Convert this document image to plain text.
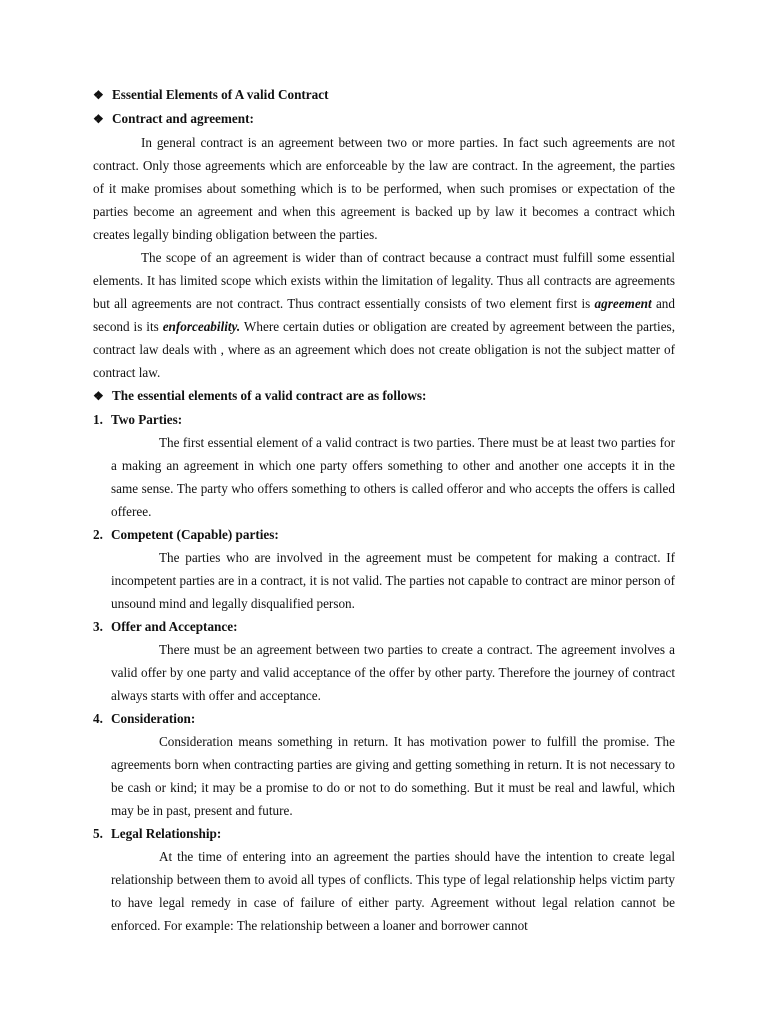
❖ Essential Elements of A valid Contract
❖ Contract and agreement:

In general contract is an agreement between two or more parties. In fact such agreements are not contract. Only those agreements which are enforceable by the law are contract. In the agreement, the parties of it make promises about something which is to be performed, when such promises or expectation of the parties become an agreement and when this agreement is backed up by law it becomes a contract which creates legally binding obligation between the parties.

The scope of an agreement is wider than of contract because a contract must fulfill some essential elements. It has limited scope which exists within the limitation of legality. Thus all contracts are agreements but all agreements are not contract. Thus contract essentially consists of two element first is agreement and second is its enforceability. Where certain duties or obligation are created by agreement between the parties, contract law deals with , where as an agreement which does not create obligation is not the subject matter of contract law.

❖ The essential elements of a valid contract are as follows:
1. Two Parties:

The first essential element of a valid contract is two parties. There must be at least two parties for a making an agreement in which one party offers something to other and another one accepts it in the same sense. The party who offers something to others is called offeror and who accepts the offers is called offeree.

2. Competent (Capable) parties:

The parties who are involved in the agreement must be competent for making a contract. If incompetent parties are in a contract, it is not valid. The parties not capable to contract are minor person of unsound mind and legally disqualified person.

3. Offer and Acceptance:

There must be an agreement between two parties to create a contract. The agreement involves a valid offer by one party and valid acceptance of the offer by other party. Therefore the journey of contract always starts with offer and acceptance.

4. Consideration:

Consideration means something in return. It has motivation power to fulfill the promise. The agreements born when contracting parties are giving and getting something in return. It is not necessary to be cash or kind; it may be a promise to do or not to do something. But it must be real and lawful, which may be in past, present and future.

5. Legal Relationship:

At the time of entering into an agreement the parties should have the intention to create legal relationship between them to avoid all types of conflicts. This type of legal relationship helps victim party to have legal remedy in case of failure of either party. Agreement without legal relation cannot be enforced. For example: The relationship between a loaner and borrower cannot
